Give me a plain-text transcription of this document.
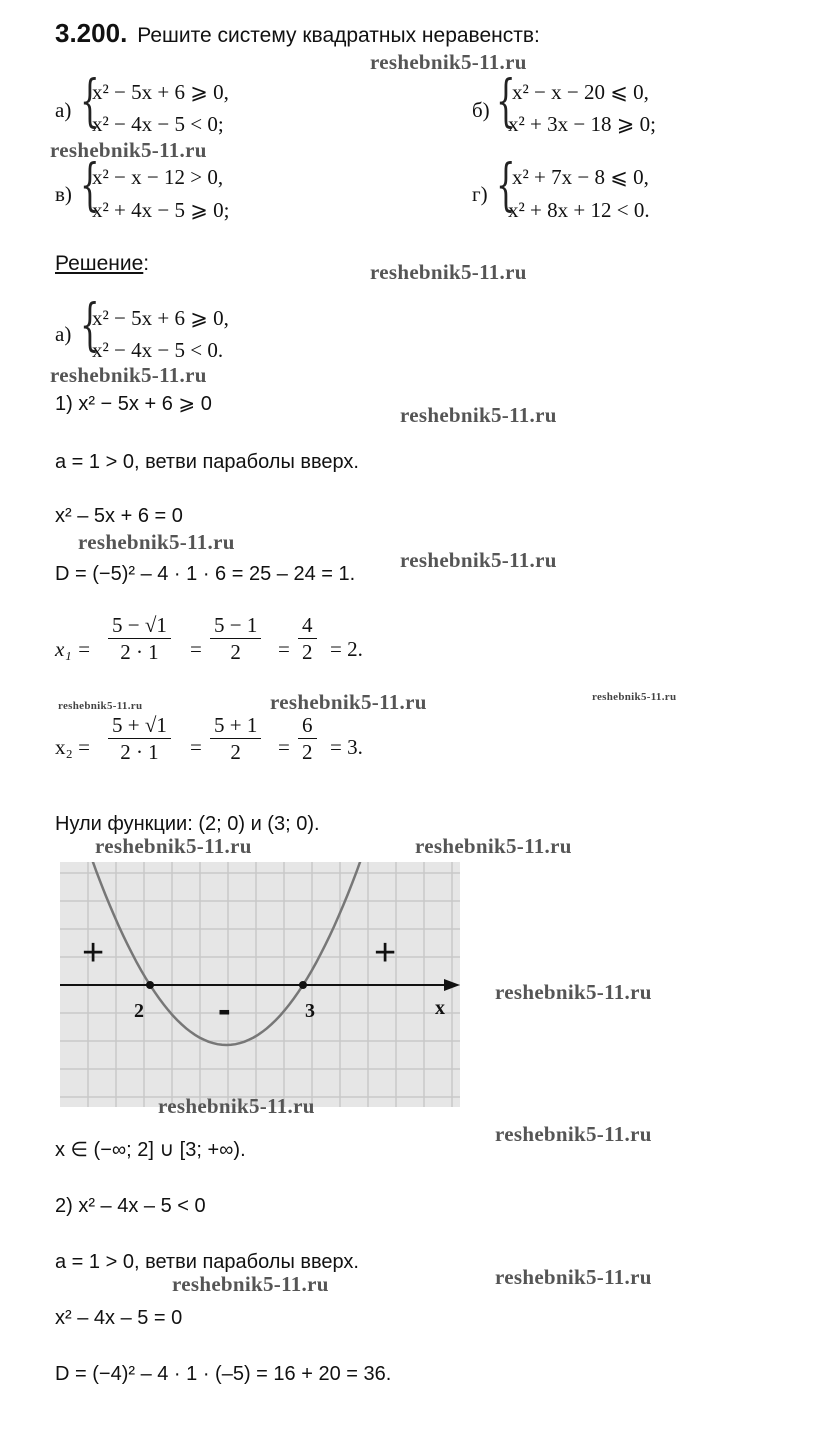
3.200. Решите систему квадратных неравенств:
а) {
x² − 5x + 6 ⩾ 0,
x² − 4x − 5 < 0;
б) {
x² − x − 20 ⩽ 0,
x² + 3x − 18 ⩾ 0;
в) {
x² − x − 12 > 0,
x² + 4x − 5 ⩾ 0;
г) {
x² + 7x − 8 ⩽ 0,
x² + 8x + 12 < 0.
Решение:
а) {
x² − 5x + 6 ⩾ 0,
x² − 4x − 5 < 0.
1) x² − 5x + 6 ⩾ 0
a = 1 > 0, ветви параболы вверх.
x² – 5x + 6 = 0
D = (−5)² – 4 · 1 · 6 = 25 – 24 = 1.
x₁ =
5 − √1
2 · 1 =
5 − 1
2 =
4
2 = 2.
x₂ =
5 + √1
2 · 1 =
5 + 1
2 =
6
2 = 3.
Нули функции: (2; 0) и (3; 0).
+	+
-
2	3	x
x ∈ (−∞; 2] ∪ [3; +∞).
2) x² – 4x – 5 < 0
a = 1 > 0, ветви параболы вверх.
x² – 4x – 5 = 0
D = (−4)² – 4 · 1 · (–5) = 16 + 20 = 36.
reshebnik5-11.ru
reshebnik5-11.ru
reshebnik5-11.ru
reshebnik5-11.ru
reshebnik5-11.ru
reshebnik5-11.ru
reshebnik5-11.ru
reshebnik5-11.ru	reshebnik5-11.ru	reshebnik5-11.ru
reshebnik5-11.ru	reshebnik5-11.ru
reshebnik5-11.ru
reshebnik5-11.ru
reshebnik5-11.ru
reshebnik5-11.ru	reshebnik5-11.ru
